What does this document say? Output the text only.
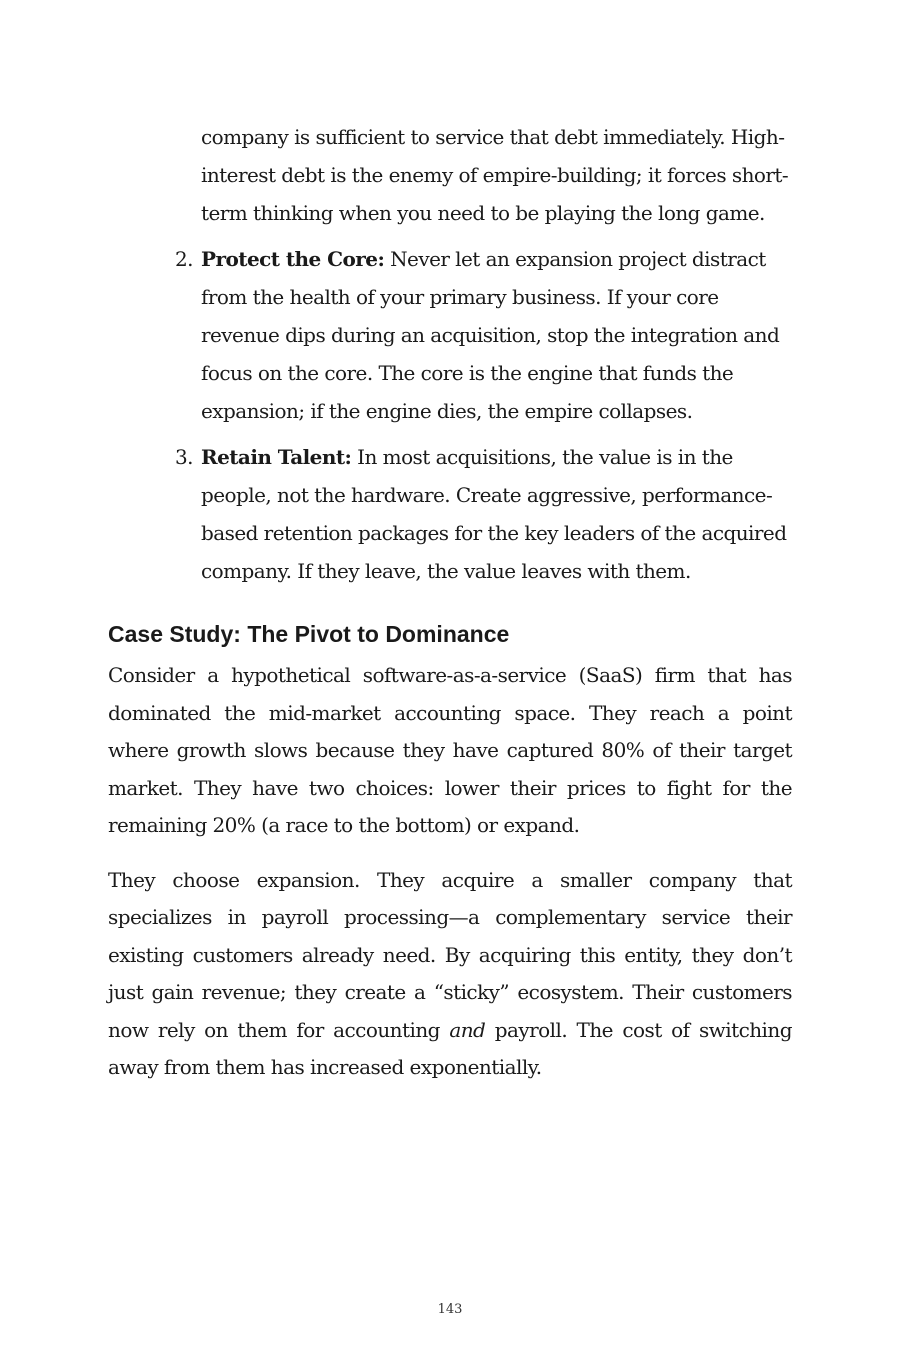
company is sufficient to service that debt immediately. High-interest debt is the enemy of empire-building; it forces short-term thinking when you need to be playing the long game.
2. Protect the Core: Never let an expansion project distract from the health of your primary business. If your core revenue dips during an acquisition, stop the integration and focus on the core. The core is the engine that funds the expansion; if the engine dies, the empire collapses.
3. Retain Talent: In most acquisitions, the value is in the people, not the hardware. Create aggressive, performance-based retention packages for the key leaders of the acquired company. If they leave, the value leaves with them.
Case Study: The Pivot to Dominance

Consider a hypothetical software-as-a-service (SaaS) firm that has dominated the mid-market accounting space. They reach a point where growth slows because they have captured 80% of their target market. They have two choices: lower their prices to fight for the remaining 20% (a race to the bottom) or expand.

They choose expansion. They acquire a smaller company that specializes in payroll processing—a complementary service their existing customers already need. By acquiring this entity, they don’t just gain revenue; they create a “sticky” ecosystem. Their customers now rely on them for accounting and payroll. The cost of switching away from them has increased exponentially.

143
